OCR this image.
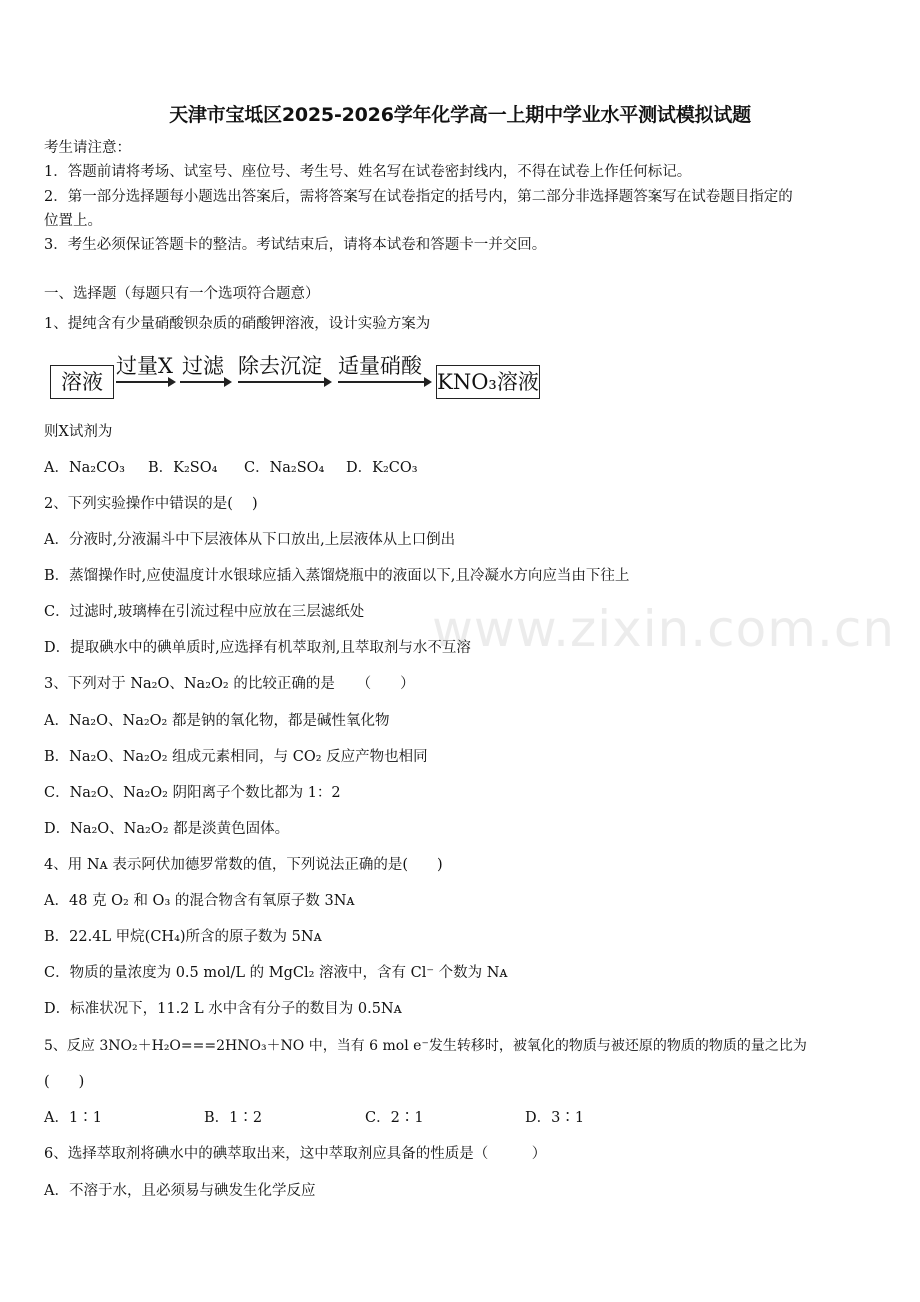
天津市宝坻区2025-2026学年化学高一上期中学业水平测试模拟试题
考生请注意：
1．答题前请将考场、试室号、座位号、考生号、姓名写在试卷密封线内，不得在试卷上作任何标记。
2．第一部分选择题每小题选出答案后，需将答案写在试卷指定的括号内，第二部分非选择题答案写在试卷题目指定的
位置上。
3．考生必须保证答题卡的整洁。考试结束后，请将本试卷和答题卡一并交回。
一、选择题（每题只有一个选项符合题意）
1、提纯含有少量硝酸钡杂质的硝酸钾溶液，设计实验方案为
溶液
过量X 过滤 除去沉淀 适量硝酸
KNO₃溶液
则X试剂为
A．Na₂CO₃ B．K₂SO₄ C．Na₂SO₄ D．K₂CO₃
2、下列实验操作中错误的是(　 )
A．分液时,分液漏斗中下层液体从下口放出,上层液体从上口倒出
B．蒸馏操作时,应使温度计水银球应插入蒸馏烧瓶中的液面以下,且冷凝水方向应当由下往上
C．过滤时,玻璃棒在引流过程中应放在三层滤纸处
D．提取碘水中的碘单质时,应选择有机萃取剂,且萃取剂与水不互溶
3、下列对于 Na₂O、Na₂O₂ 的比较正确的是　　（　　）
A．Na₂O、Na₂O₂ 都是钠的氧化物，都是碱性氧化物
B．Na₂O、Na₂O₂ 组成元素相同，与 CO₂ 反应产物也相同
C．Na₂O、Na₂O₂ 阴阳离子个数比都为 1：2
D．Na₂O、Na₂O₂ 都是淡黄色固体。
4、用 Nᴀ 表示阿伏加德罗常数的值，下列说法正确的是(　　)
A．48 克 O₂ 和 O₃ 的混合物含有氧原子数 3Nᴀ
B．22.4L 甲烷(CH₄)所含的原子数为 5Nᴀ
C．物质的量浓度为 0.5 mol/L 的 MgCl₂ 溶液中，含有 Cl⁻ 个数为 Nᴀ
D．标准状况下，11.2 L 水中含有分子的数目为 0.5Nᴀ
5、反应 3NO₂＋H₂O===2HNO₃＋NO 中，当有 6 mol e⁻发生转移时，被氧化的物质与被还原的物质的物质的量之比为
(　　)
A．1∶1	B．1∶2	C．2∶1	D．3∶1
6、选择萃取剂将碘水中的碘萃取出来，这中萃取剂应具备的性质是（　　　）
A．不溶于水，且必须易与碘发生化学反应
www.zixin.com.cn
